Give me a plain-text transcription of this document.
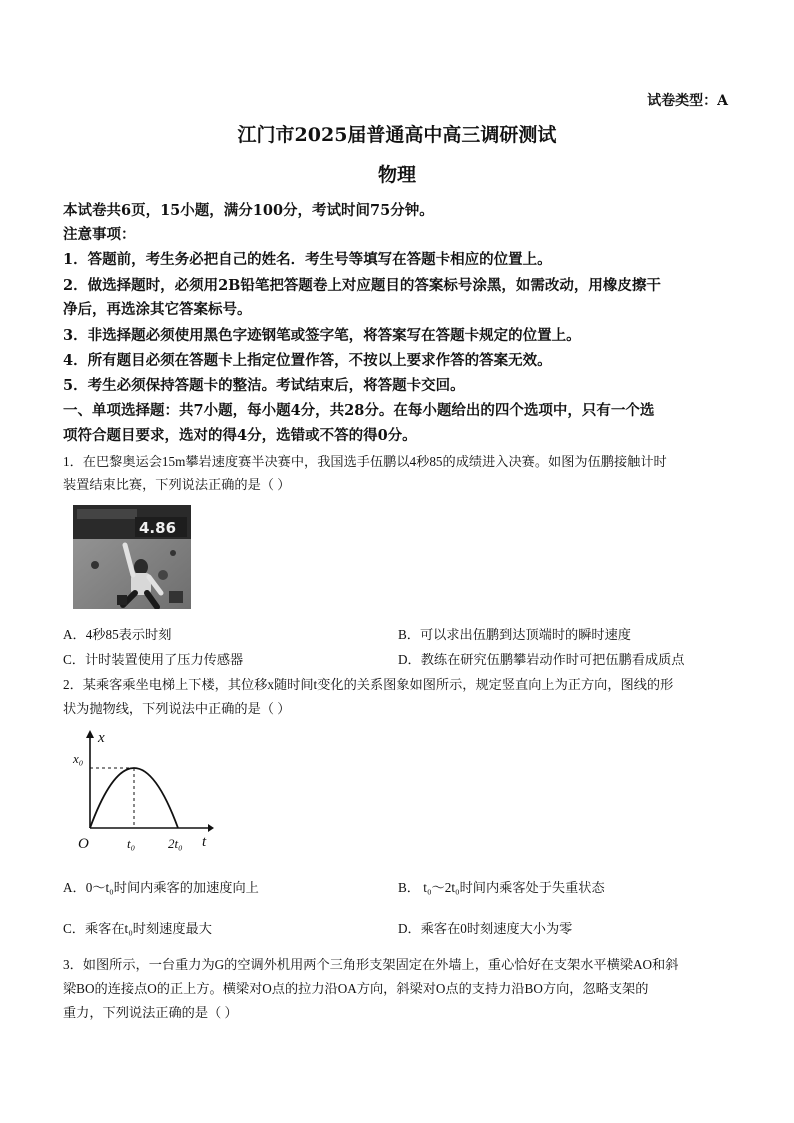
试卷类型：A
江门市2025届普通高中高三调研测试
物理
本试卷共6页，15小题，满分100分，考试时间75分钟。
注意事项：
1．答题前，考生务必把自己的姓名．考生号等填写在答题卡相应的位置上。
2．做选择题时，必须用2B铅笔把答题卷上对应题目的答案标号涂黑，如需改动，用橡皮擦干
净后，再选涂其它答案标号。
3．非选择题必须使用黑色字迹钢笔或签字笔，将答案写在答题卡规定的位置上。
4．所有题目必须在答题卡上指定位置作答，不按以上要求作答的答案无效。
5．考生必须保持答题卡的整洁。考试结束后，将答题卡交回。
一、单项选择题：共7小题，每小题4分，共28分。在每小题给出的四个选项中，只有一个选
项符合题目要求，选对的得4分，选错或不答的得0分。
1．在巴黎奥运会15m攀岩速度赛半决赛中，我国选手伍鹏以4秒85的成绩进入决赛。如图为伍鹏接触计时
装置结束比赛，下列说法正确的是（ ）
4.86
A．4秒85表示时刻	B．可以求出伍鹏到达顶端时的瞬时速度
C．计时装置使用了压力传感器	D．教练在研究伍鹏攀岩动作时可把伍鹏看成质点
2．某乘客乘坐电梯上下楼，其位移x随时间t变化的关系图象如图所示，规定竖直向上为正方向，图线的形
状为抛物线，下列说法中正确的是（ ）
x
t
x₀
O	t₀	2t₀
A．0～t₀时间内乘客的加速度向上	B． t₀～2t₀时间内乘客处于失重状态
C．乘客在t₀时刻速度最大	D．乘客在0时刻速度大小为零
3．如图所示，一台重力为G的空调外机用两个三角形支架固定在外墙上，重心恰好在支架水平横梁AO和斜
梁BO的连接点O的正上方。横梁对O点的拉力沿OA方向，斜梁对O点的支持力沿BO方向，忽略支架的
重力，下列说法正确的是（ ）
